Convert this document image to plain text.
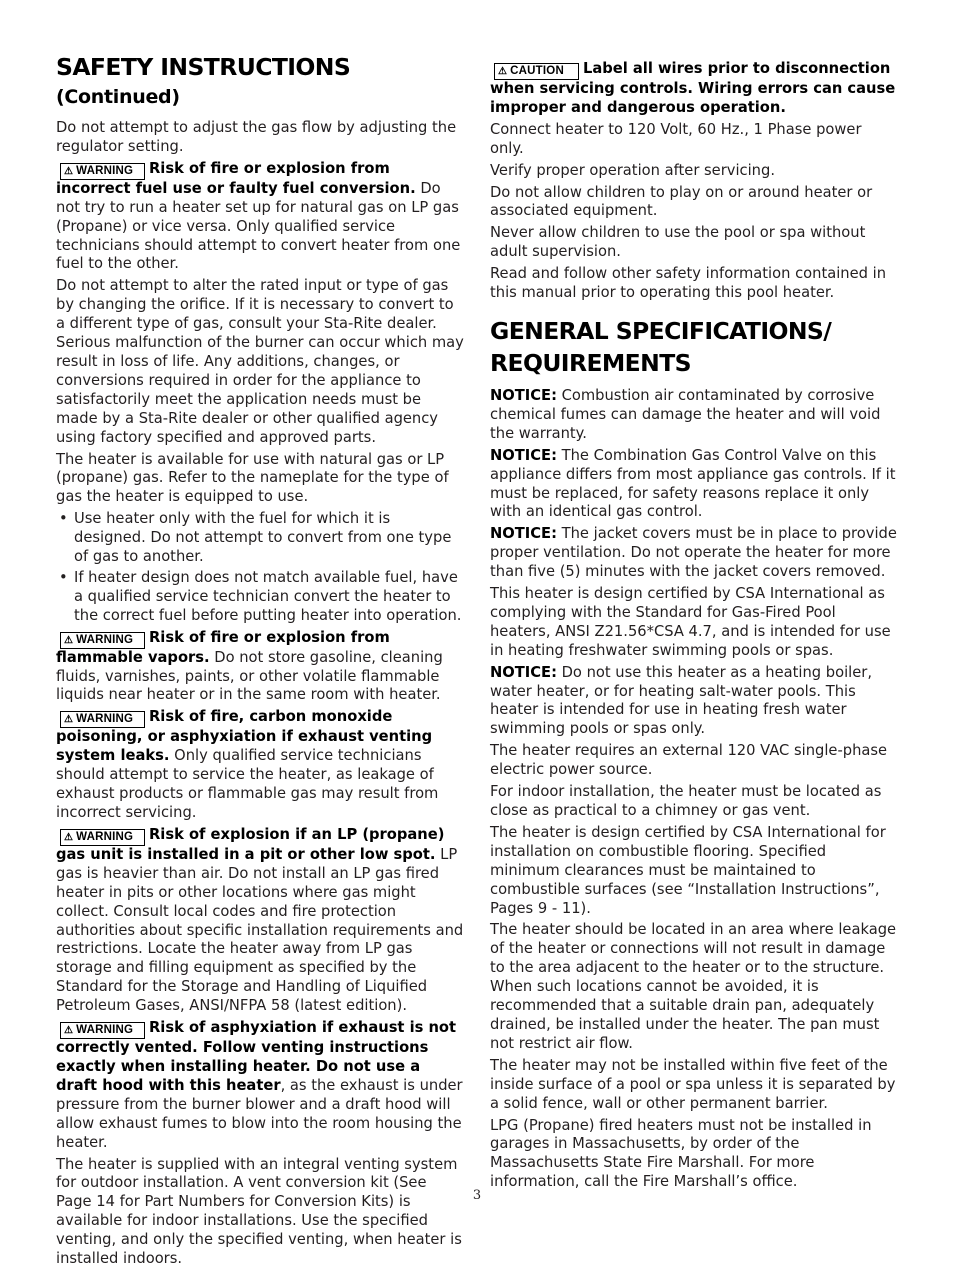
SAFETY INSTRUCTIONS (Continued)

Do not attempt to adjust the gas flow by adjusting the regulator setting.

⚠ WARNING Risk of fire or explosion from incorrect fuel use or faulty fuel conversion. Do not try to run a heater set up for natural gas on LP gas (Propane) or vice versa. Only qualified service technicians should attempt to convert heater from one fuel to the other.

Do not attempt to alter the rated input or type of gas by changing the orifice. If it is necessary to convert to a different type of gas, consult your Sta-Rite dealer. Serious malfunction of the burner can occur which may result in loss of life. Any additions, changes, or conversions required in order for the appliance to satisfactorily meet the application needs must be made by a Sta-Rite dealer or other qualified agency using factory specified and approved parts.

The heater is available for use with natural gas or LP (propane) gas. Refer to the nameplate for the type of gas the heater is equipped to use.

• Use heater only with the fuel for which it is designed. Do not attempt to convert from one type of gas to another.
• If heater design does not match available fuel, have a qualified service technician convert the heater to the correct fuel before putting heater into operation.

⚠ WARNING Risk of fire or explosion from flammable vapors. Do not store gasoline, cleaning fluids, varnishes, paints, or other volatile flammable liquids near heater or in the same room with heater.

⚠ WARNING Risk of fire, carbon monoxide poisoning, or asphyxiation if exhaust venting system leaks. Only qualified service technicians should attempt to service the heater, as leakage of exhaust products or flammable gas may result from incorrect servicing.

⚠ WARNING Risk of explosion if an LP (propane) gas unit is installed in a pit or other low spot. LP gas is heavier than air. Do not install an LP gas fired heater in pits or other locations where gas might collect. Consult local codes and fire protection authorities about specific installation requirements and restrictions. Locate the heater away from LP gas storage and filling equipment as specified by the Standard for the Storage and Handling of Liquified Petroleum Gases, ANSI/NFPA 58 (latest edition).

⚠ WARNING Risk of asphyxiation if exhaust is not correctly vented. Follow venting instructions exactly when installing heater. Do not use a draft hood with this heater, as the exhaust is under pressure from the burner blower and a draft hood will allow exhaust fumes to blow into the room housing the heater.

The heater is supplied with an integral venting system for outdoor installation. A vent conversion kit (See Page 14 for Part Numbers for Conversion Kits) is available for indoor installations. Use the specified venting, and only the specified venting, when heater is installed indoors.

⚠ CAUTION Label all wires prior to disconnection when servicing controls. Wiring errors can cause improper and dangerous operation.

Connect heater to 120 Volt, 60 Hz., 1 Phase power only.

Verify proper operation after servicing.

Do not allow children to play on or around heater or associated equipment.

Never allow children to use the pool or spa without adult supervision.

Read and follow other safety information contained in this manual prior to operating this pool heater.

GENERAL SPECIFICATIONS/ REQUIREMENTS

NOTICE: Combustion air contaminated by corrosive chemical fumes can damage the heater and will void the warranty.

NOTICE: The Combination Gas Control Valve on this appliance differs from most appliance gas controls. If it must be replaced, for safety reasons replace it only with an identical gas control.

NOTICE: The jacket covers must be in place to provide proper ventilation. Do not operate the heater for more than five (5) minutes with the jacket covers removed.

This heater is design certified by CSA International as complying with the Standard for Gas-Fired Pool heaters, ANSI Z21.56*CSA 4.7, and is intended for use in heating freshwater swimming pools or spas.

NOTICE: Do not use this heater as a heating boiler, water heater, or for heating salt-water pools. This heater is intended for use in heating fresh water swimming pools or spas only.

The heater requires an external 120 VAC single-phase electric power source.

For indoor installation, the heater must be located as close as practical to a chimney or gas vent.

The heater is design certified by CSA International for installation on combustible flooring. Specified minimum clearances must be maintained to combustible surfaces (see “Installation Instructions”, Pages 9 - 11).

The heater should be located in an area where leakage of the heater or connections will not result in damage to the area adjacent to the heater or to the structure. When such locations cannot be avoided, it is recommended that a suitable drain pan, adequately drained, be installed under the heater. The pan must not restrict air flow.

The heater may not be installed within five feet of the inside surface of a pool or spa unless it is separated by a solid fence, wall or other permanent barrier.

LPG (Propane) fired heaters must not be installed in garages in Massachusetts, by order of the Massachusetts State Fire Marshall. For more information, call the Fire Marshall’s office.

3
